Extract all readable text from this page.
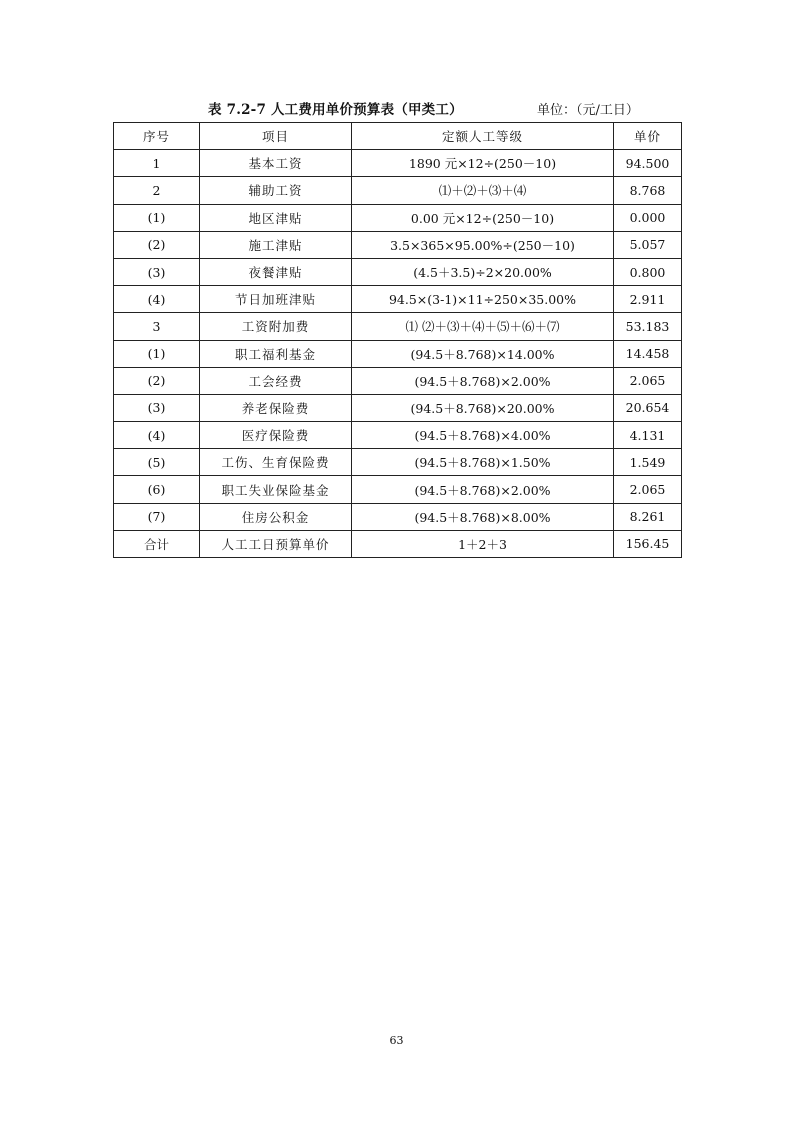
表 7.2-7 人工费用单价预算表（甲类工）	单位：（元/工日）
序号	项目	定额人工等级	单价
1	基本工资	1890 元×12÷(250－10)	94.500
2	辅助工资	⑴＋⑵＋⑶＋⑷	8.768
(1)	地区津贴	0.00 元×12÷(250－10)	0.000
(2)	施工津贴	3.5×365×95.00%÷(250－10)	5.057
(3)	夜餐津贴	(4.5＋3.5)÷2×20.00%	0.800
(4)	节日加班津贴	94.5×(3-1)×11÷250×35.00%	2.911
3	工资附加费	⑴ ⑵＋⑶＋⑷＋⑸＋⑹＋⑺	53.183
(1)	职工福利基金	(94.5＋8.768)×14.00%	14.458
(2)	工会经费	(94.5＋8.768)×2.00%	2.065
(3)	养老保险费	(94.5＋8.768)×20.00%	20.654
(4)	医疗保险费	(94.5＋8.768)×4.00%	4.131
(5)	工伤、生育保险费	(94.5＋8.768)×1.50%	1.549
(6)	职工失业保险基金	(94.5＋8.768)×2.00%	2.065
(7)	住房公积金	(94.5＋8.768)×8.00%	8.261
合计	人工工日预算单价	1＋2＋3	156.45
63
